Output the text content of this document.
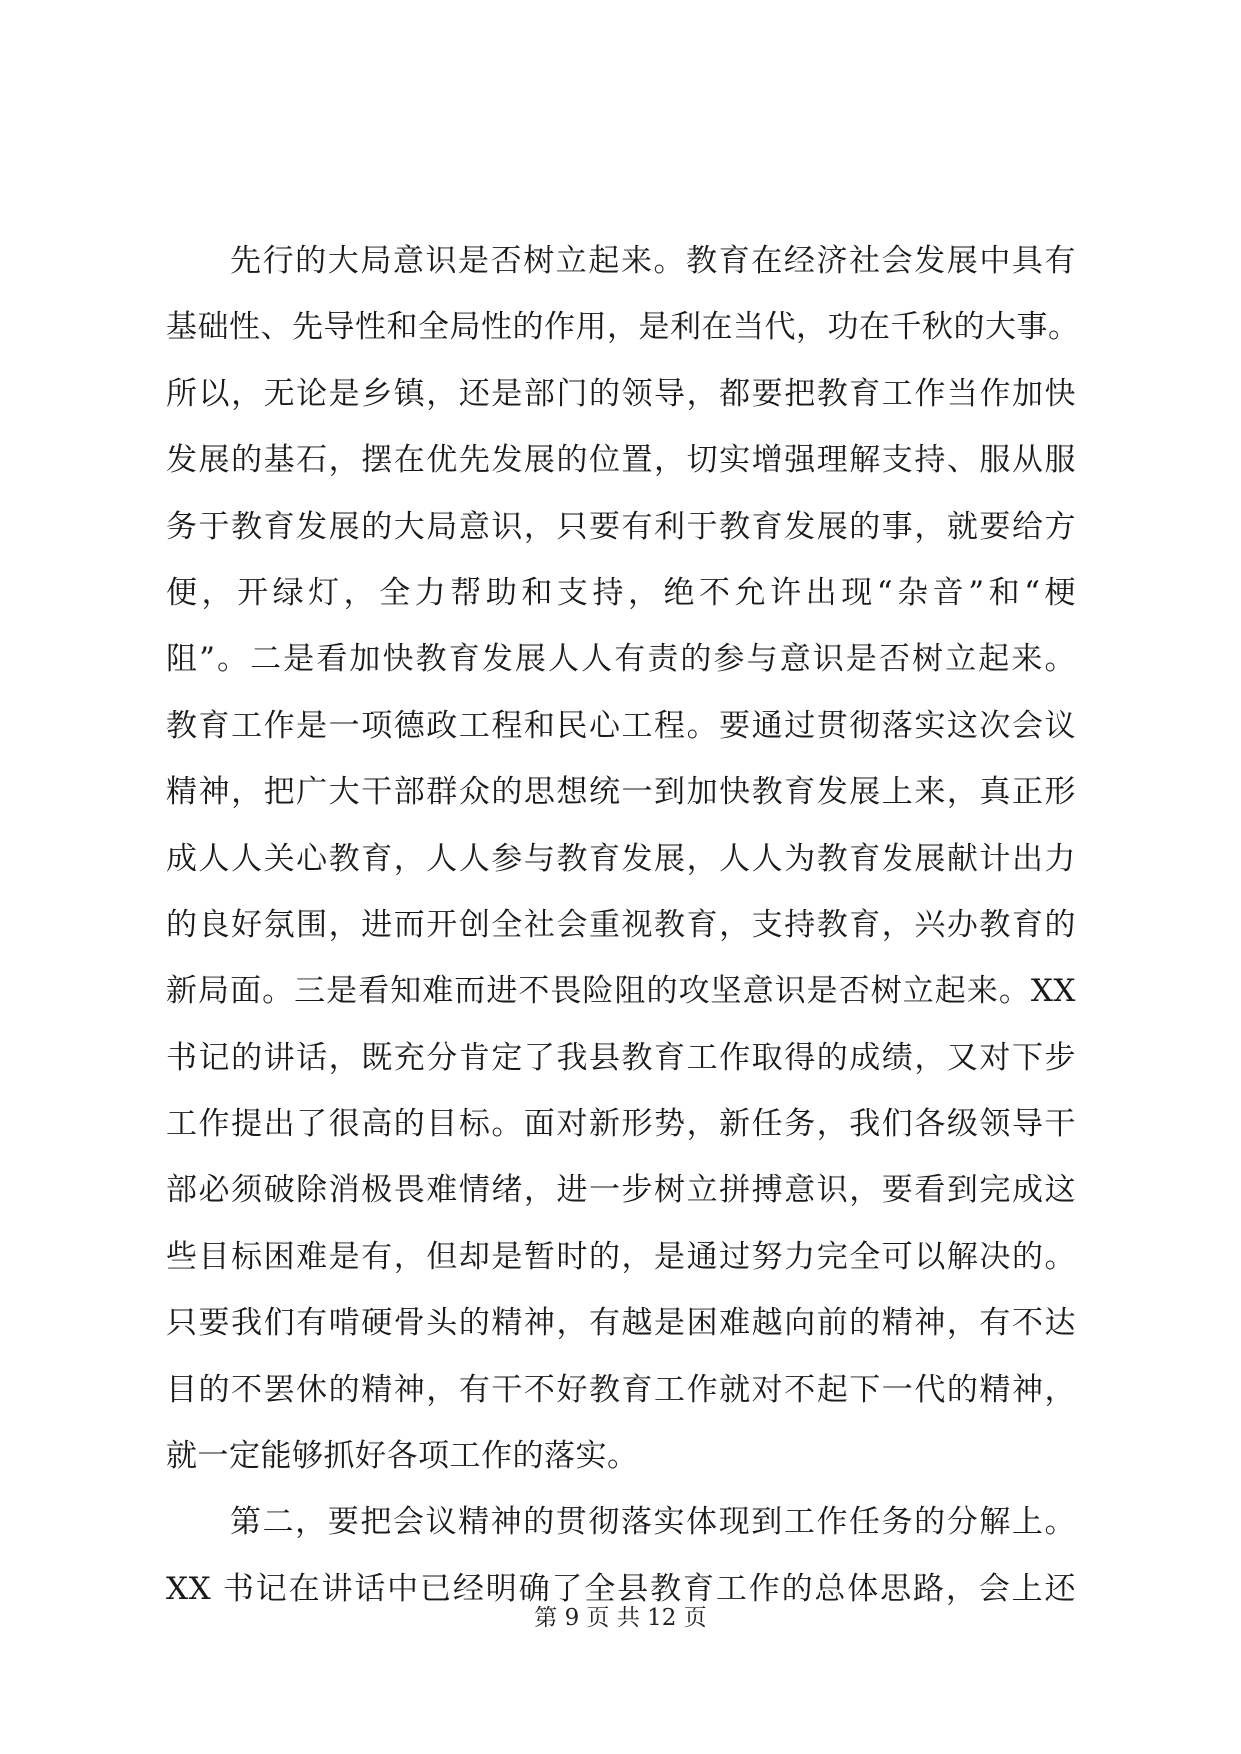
先行的大局意识是否树立起来。教育在经济社会发展中具有
基础性、先导性和全局性的作用，是利在当代，功在千秋的大事。
所以，无论是乡镇，还是部门的领导，都要把教育工作当作加快
发展的基石，摆在优先发展的位置，切实增强理解支持、服从服
务于教育发展的大局意识，只要有利于教育发展的事，就要给方
便，开绿灯，全力帮助和支持，绝不允许出现“杂音”和“梗
阻”。二是看加快教育发展人人有责的参与意识是否树立起来。
教育工作是一项德政工程和民心工程。要通过贯彻落实这次会议
精神，把广大干部群众的思想统一到加快教育发展上来，真正形
成人人关心教育，人人参与教育发展，人人为教育发展献计出力
的良好氛围，进而开创全社会重视教育，支持教育，兴办教育的
新局面。三是看知难而进不畏险阻的攻坚意识是否树立起来。XX
书记的讲话，既充分肯定了我县教育工作取得的成绩，又对下步
工作提出了很高的目标。面对新形势，新任务，我们各级领导干
部必须破除消极畏难情绪，进一步树立拼搏意识，要看到完成这
些目标困难是有，但却是暂时的，是通过努力完全可以解决的。
只要我们有啃硬骨头的精神，有越是困难越向前的精神，有不达
目的不罢休的精神，有干不好教育工作就对不起下一代的精神，
就一定能够抓好各项工作的落实。
第二，要把会议精神的贯彻落实体现到工作任务的分解上。
XX 书记在讲话中已经明确了全县教育工作的总体思路，会上还
第 9 页 共 12 页
